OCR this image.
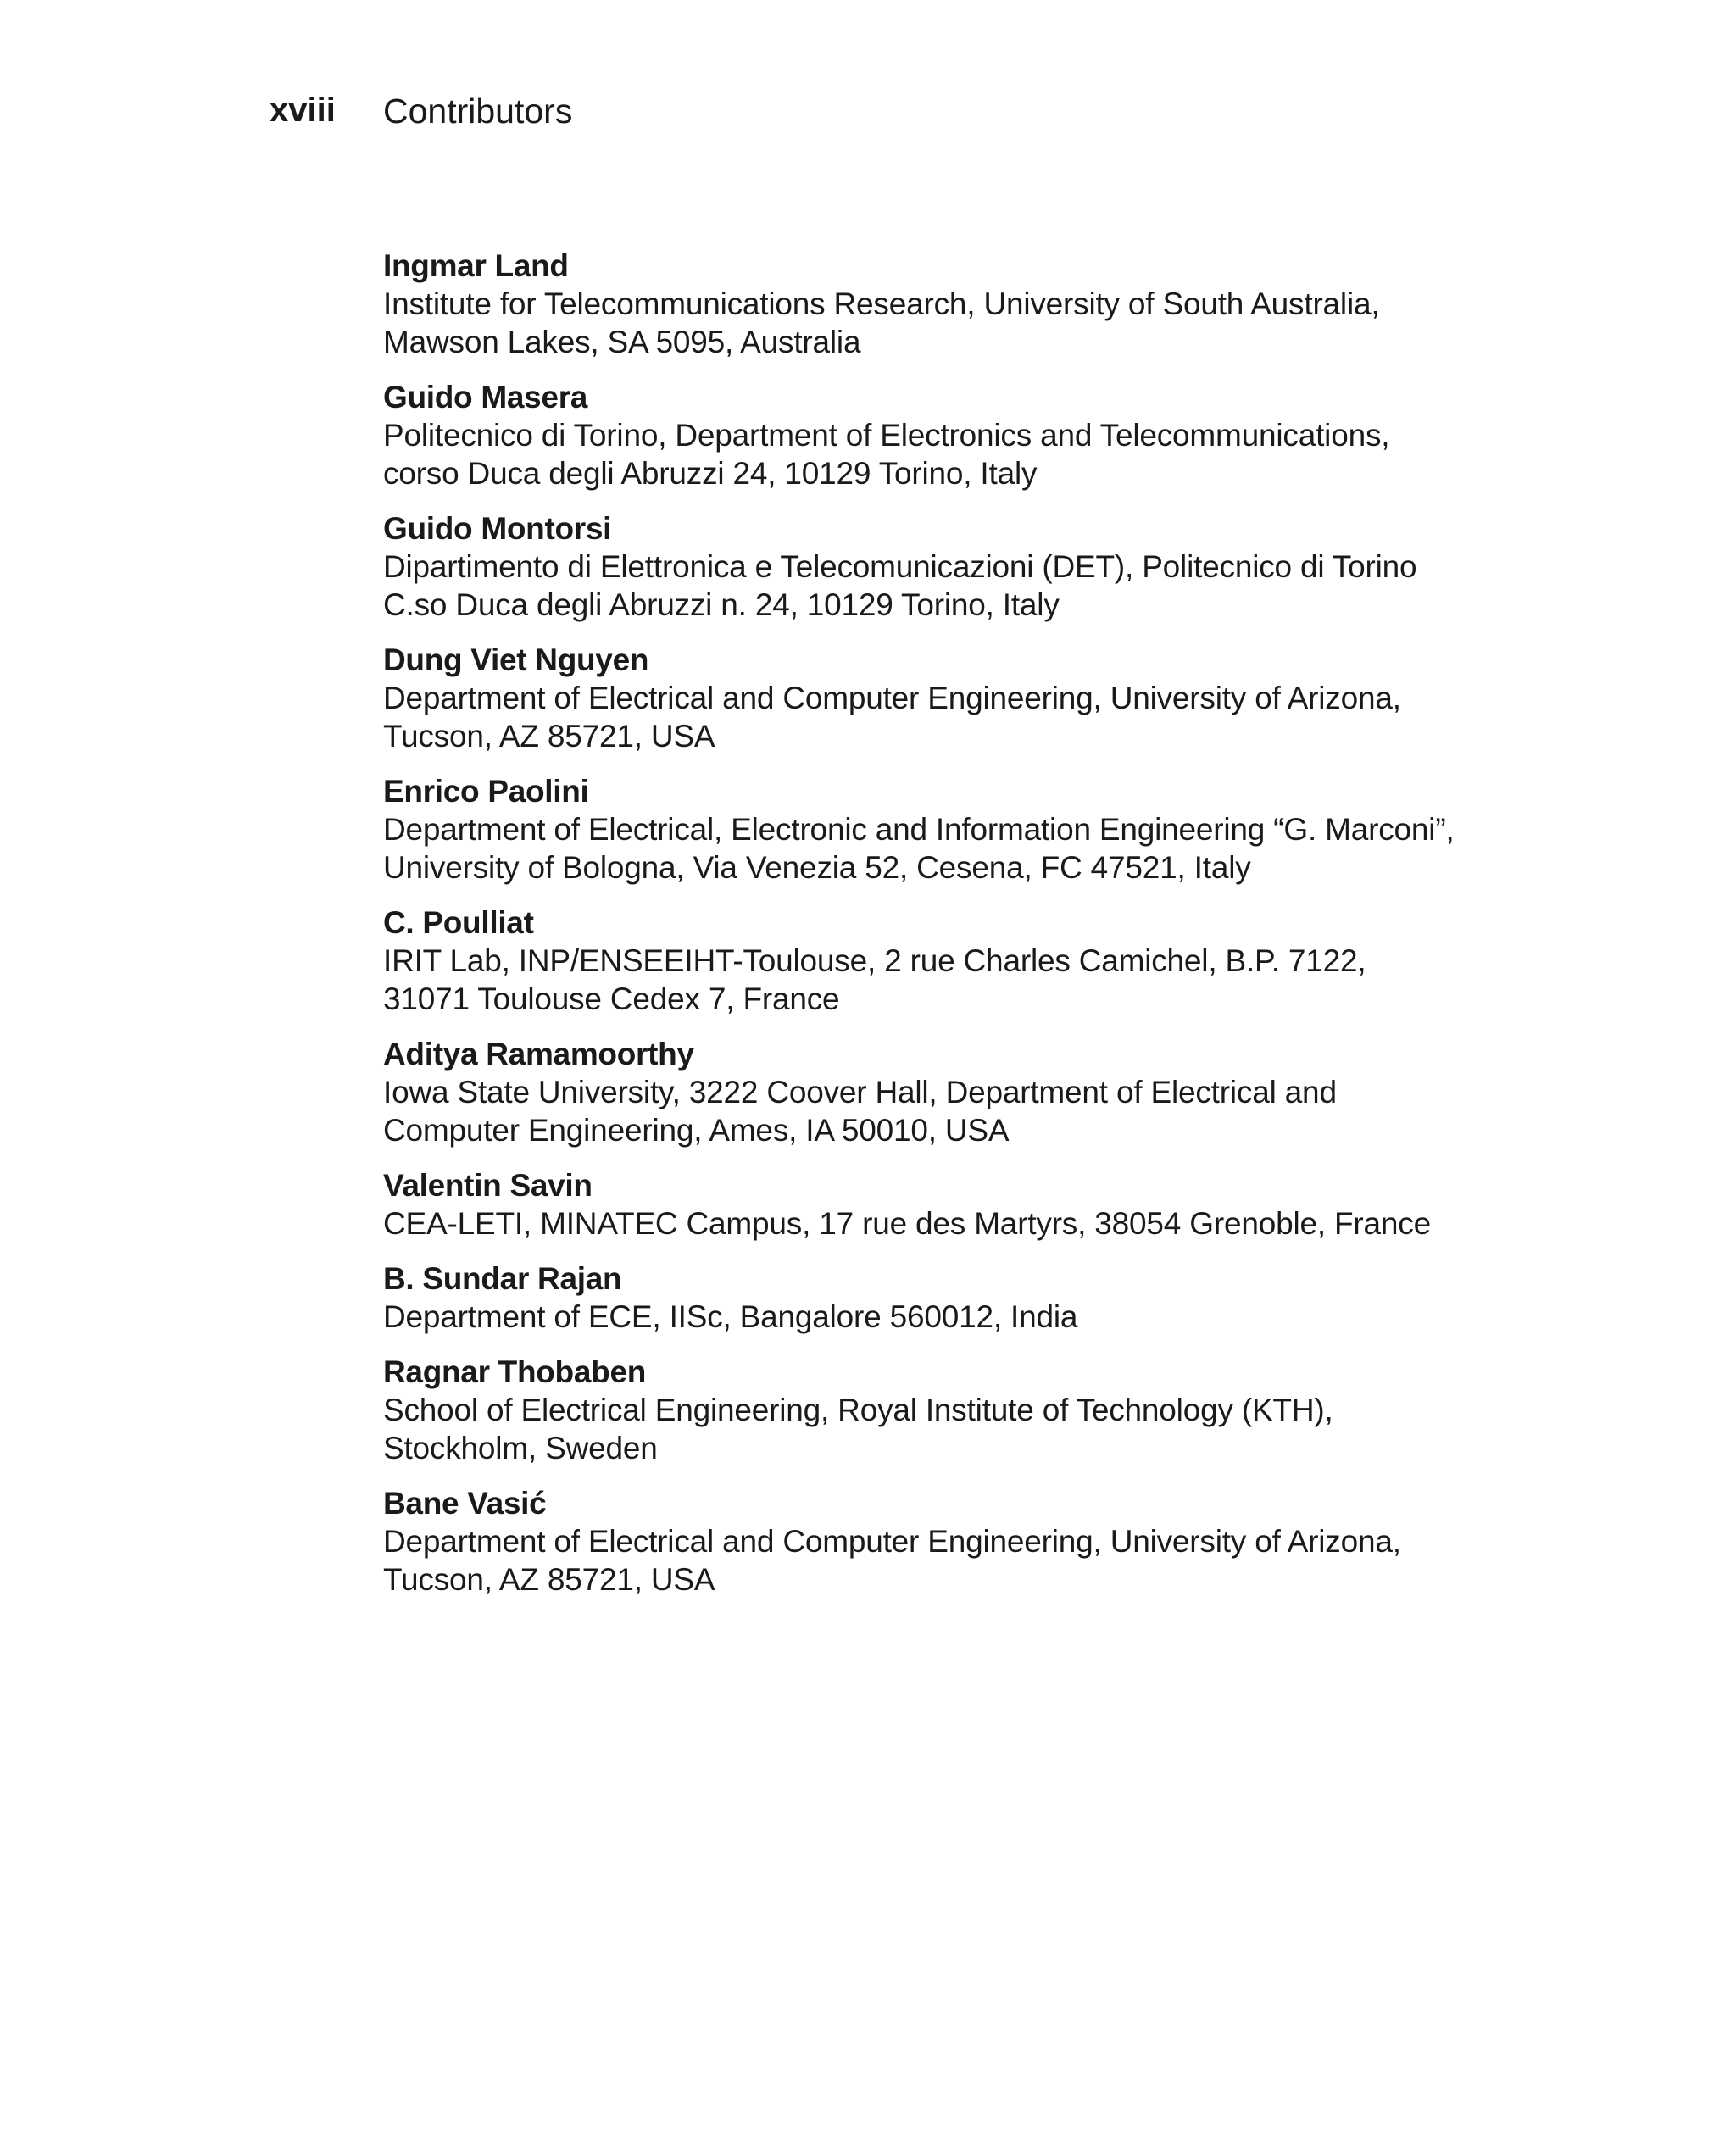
xviii Contributors
Ingmar Land
Institute for Telecommunications Research, University of South Australia,
Mawson Lakes, SA 5095, Australia
Guido Masera
Politecnico di Torino, Department of Electronics and Telecommunications,
corso Duca degli Abruzzi 24, 10129 Torino, Italy
Guido Montorsi
Dipartimento di Elettronica e Telecomunicazioni (DET), Politecnico di Torino
C.so Duca degli Abruzzi n. 24, 10129 Torino, Italy
Dung Viet Nguyen
Department of Electrical and Computer Engineering, University of Arizona,
Tucson, AZ 85721, USA
Enrico Paolini
Department of Electrical, Electronic and Information Engineering “G. Marconi”,
University of Bologna, Via Venezia 52, Cesena, FC 47521, Italy
C. Poulliat
IRIT Lab, INP/ENSEEIHT-Toulouse, 2 rue Charles Camichel, B.P. 7122,
31071 Toulouse Cedex 7, France
Aditya Ramamoorthy
Iowa State University, 3222 Coover Hall, Department of Electrical and
Computer Engineering, Ames, IA 50010, USA
Valentin Savin
CEA-LETI, MINATEC Campus, 17 rue des Martyrs, 38054 Grenoble, France
B. Sundar Rajan
Department of ECE, IISc, Bangalore 560012, India
Ragnar Thobaben
School of Electrical Engineering, Royal Institute of Technology (KTH),
Stockholm, Sweden
Bane Vasić
Department of Electrical and Computer Engineering, University of Arizona,
Tucson, AZ 85721, USA
